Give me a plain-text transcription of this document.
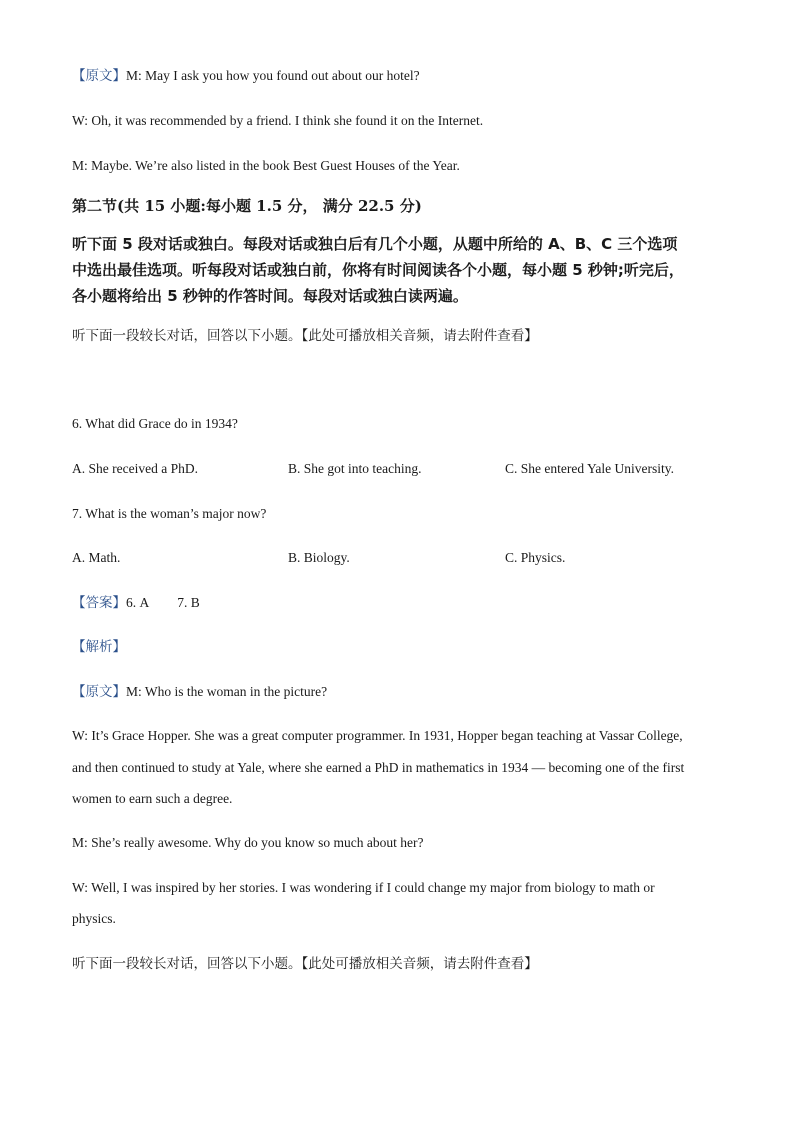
【原文】M: May I ask you how you found out about our hotel?
W: Oh, it was recommended by a friend. I think she found it on the Internet.
M: Maybe. We’re also listed in the book Best Guest Houses of the Year.
第二节(共 15 小题:每小题 1.5 分， 满分 22.5 分)
听下面 5 段对话或独白。每段对话或独白后有几个小题，从题中所给的 A、B、C 三个选项
中选出最佳选项。听每段对话或独白前，你将有时间阅读各个小题，每小题 5 秒钟;听完后，
各小题将给出 5 秒钟的作答时间。每段对话或独白读两遍。
听下面一段较长对话，回答以下小题。【此处可播放相关音频，请去附件查看】
6. What did Grace do in 1934?
A. She received a PhD.	B. She got into teaching.	C. She entered Yale University.
7. What is the woman’s major now?
A. Math.	B. Biology.	C. Physics.
【答案】6. A 7. B
【解析】
【原文】M: Who is the woman in the picture?
W: It’s Grace Hopper. She was a great computer programmer. In 1931, Hopper began teaching at Vassar College,
and then continued to study at Yale, where she earned a PhD in mathematics in 1934 — becoming one of the first
women to earn such a degree.
M: She’s really awesome. Why do you know so much about her?
W: Well, I was inspired by her stories. I was wondering if I could change my major from biology to math or
physics.
听下面一段较长对话，回答以下小题。【此处可播放相关音频，请去附件查看】
